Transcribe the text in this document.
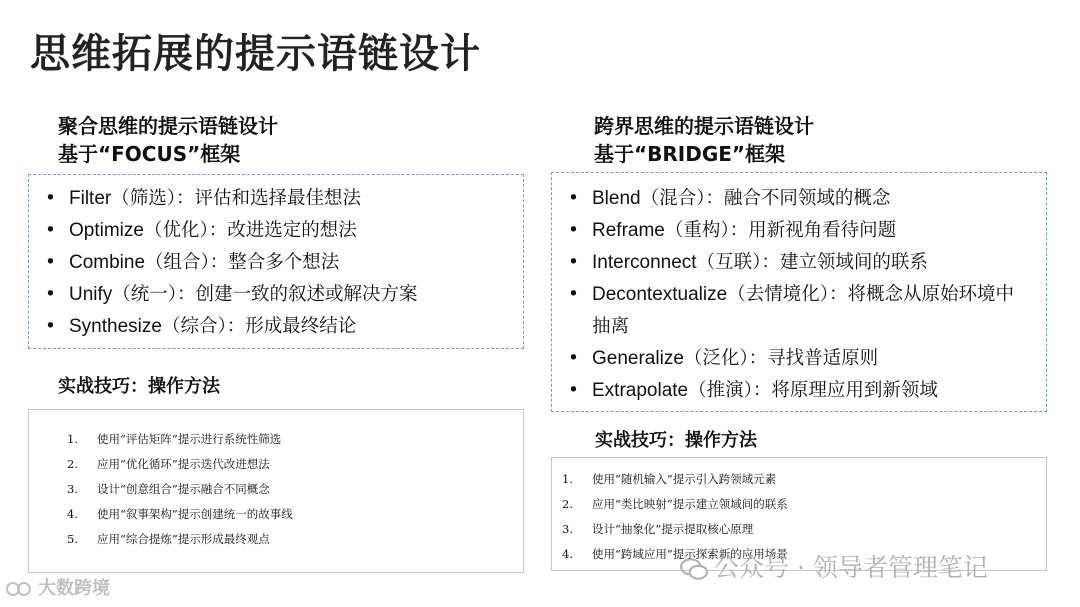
思维拓展的提示语链设计
聚合思维的提示语链设计
基于“FOCUS”框架
• Filter（筛选）：评估和选择最佳想法
• Optimize（优化）：改进选定的想法
• Combine（组合）：整合多个想法
• Unify（统一）：创建一致的叙述或解决方案
• Synthesize（综合）：形成最终结论
实战技巧：操作方法
1. 使用“评估矩阵”提示进行系统性筛选
2. 应用“优化循环”提示迭代改进想法
3. 设计“创意组合”提示融合不同概念
4. 使用“叙事架构”提示创建统一的故事线
5. 应用“综合提炼”提示形成最终观点
跨界思维的提示语链设计
基于“BRIDGE”框架
• Blend（混合）：融合不同领域的概念
• Reframe（重构）：用新视角看待问题
• Interconnect（互联）：建立领域间的联系
• Decontextualize（去情境化）：将概念从原始环境中抽离
• Generalize（泛化）：寻找普适原则
• Extrapolate（推演）：将原理应用到新领域
实战技巧：操作方法
1. 使用“随机输入”提示引入跨领域元素
2. 应用“类比映射”提示建立领域间的联系
3. 设计“抽象化”提示提取核心原理
4. 使用“跨域应用”提示探索新的应用场景
大数跨境
公众号 · 领导者管理笔记
